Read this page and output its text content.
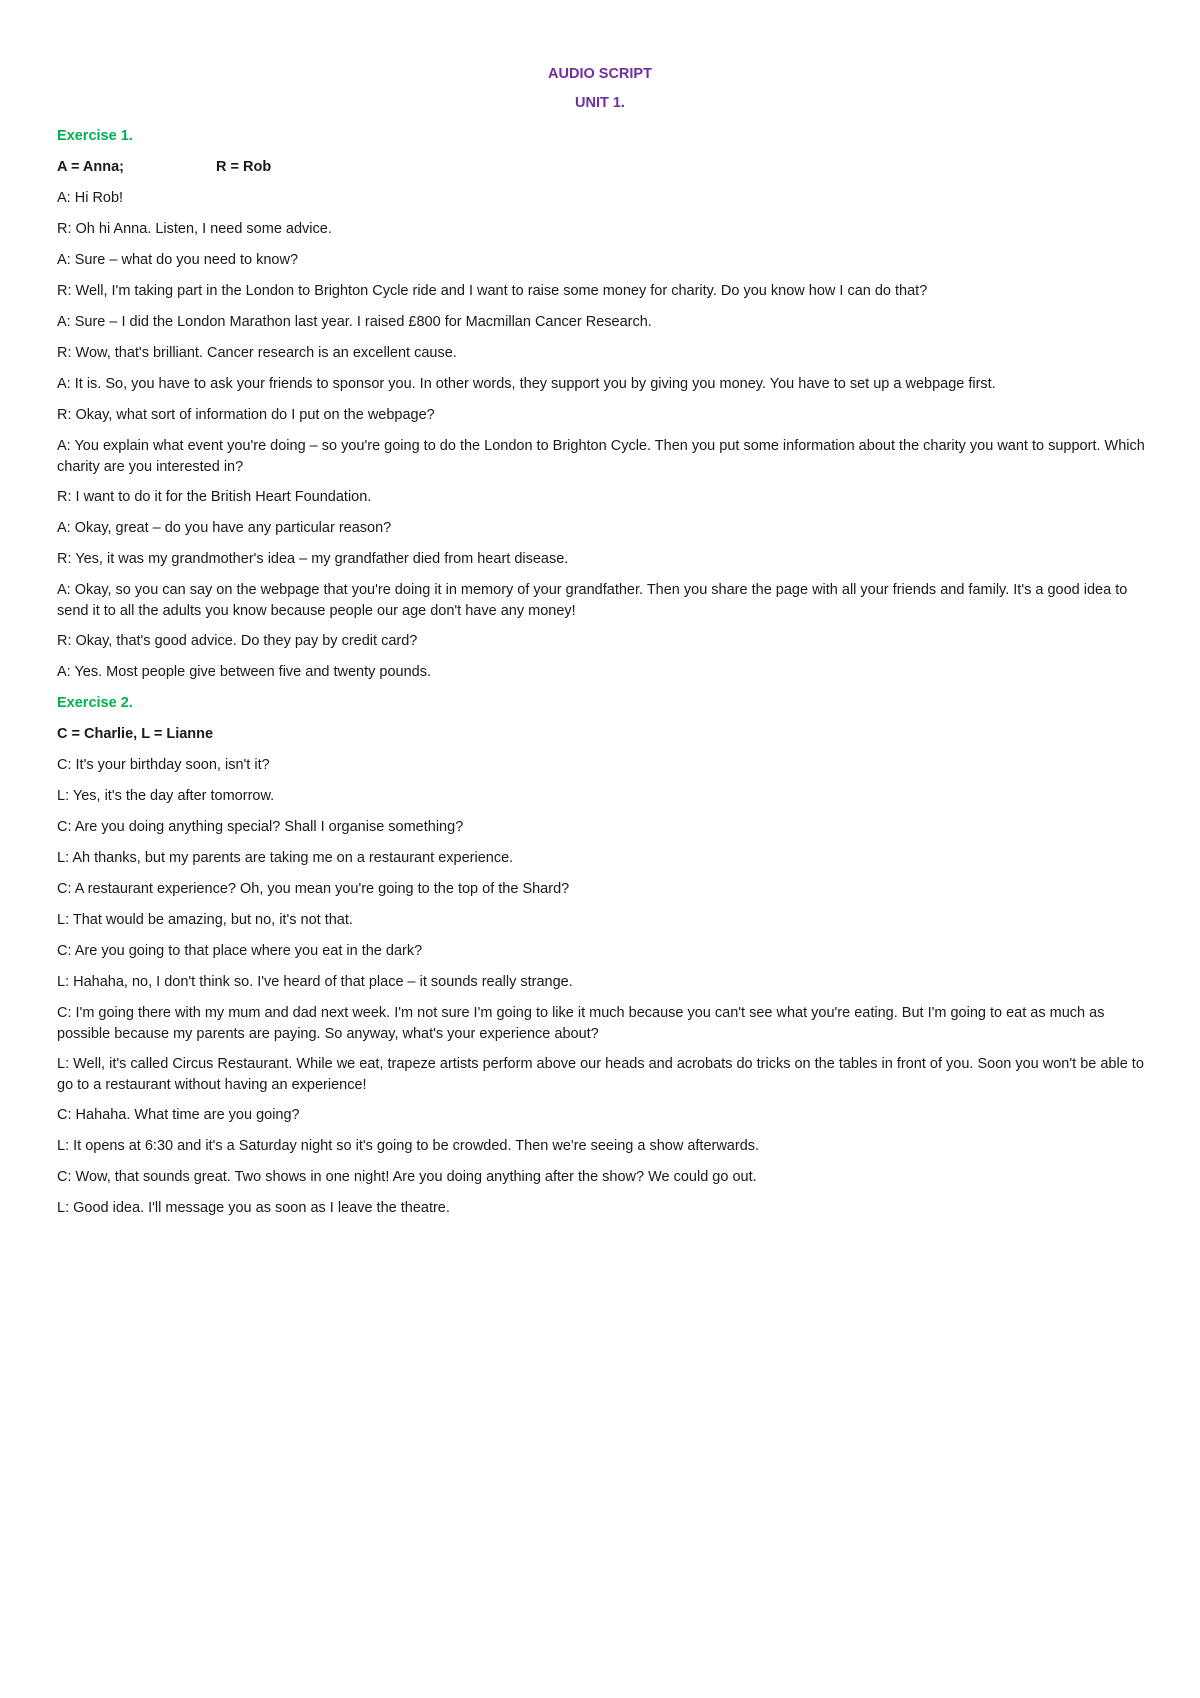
AUDIO SCRIPT
UNIT 1.
Exercise 1.
A = Anna;	R = Rob
A: Hi Rob!
R: Oh hi Anna. Listen, I need some advice.
A: Sure – what do you need to know?
R: Well, I'm taking part in the London to Brighton Cycle ride and I want to raise some money for charity. Do you know how I can do that?
A: Sure – I did the London Marathon last year. I raised £800 for Macmillan Cancer Research.
R: Wow, that's brilliant. Cancer research is an excellent cause.
A: It is. So, you have to ask your friends to sponsor you. In other words, they support you by giving you money. You have to set up a webpage first.
R: Okay, what sort of information do I put on the webpage?
A: You explain what event you're doing – so you're going to do the London to Brighton Cycle. Then you put some information about the charity you want to support. Which charity are you interested in?
R: I want to do it for the British Heart Foundation.
A: Okay, great – do you have any particular reason?
R: Yes, it was my grandmother's idea – my grandfather died from heart disease.
A: Okay, so you can say on the webpage that you're doing it in memory of your grandfather. Then you share the page with all your friends and family. It's a good idea to send it to all the adults you know because people our age don't have any money!
R: Okay, that's good advice. Do they pay by credit card?
A: Yes. Most people give between five and twenty pounds.
Exercise 2.
C = Charlie, L = Lianne
C: It's your birthday soon, isn't it?
L: Yes, it's the day after tomorrow.
C: Are you doing anything special? Shall I organise something?
L: Ah thanks, but my parents are taking me on a restaurant experience.
C: A restaurant experience? Oh, you mean you're going to the top of the Shard?
L: That would be amazing, but no, it's not that.
C: Are you going to that place where you eat in the dark?
L: Hahaha, no, I don't think so. I've heard of that place – it sounds really strange.
C: I'm going there with my mum and dad next week. I'm not sure I'm going to like it much because you can't see what you're eating. But I'm going to eat as much as possible because my parents are paying. So anyway, what's your experience about?
L: Well, it's called Circus Restaurant. While we eat, trapeze artists perform above our heads and acrobats do tricks on the tables in front of you. Soon you won't be able to go to a restaurant without having an experience!
C: Hahaha. What time are you going?
L: It opens at 6:30 and it's a Saturday night so it's going to be crowded. Then we're seeing a show afterwards.
C: Wow, that sounds great. Two shows in one night! Are you doing anything after the show? We could go out.
L: Good idea. I'll message you as soon as I leave the theatre.
